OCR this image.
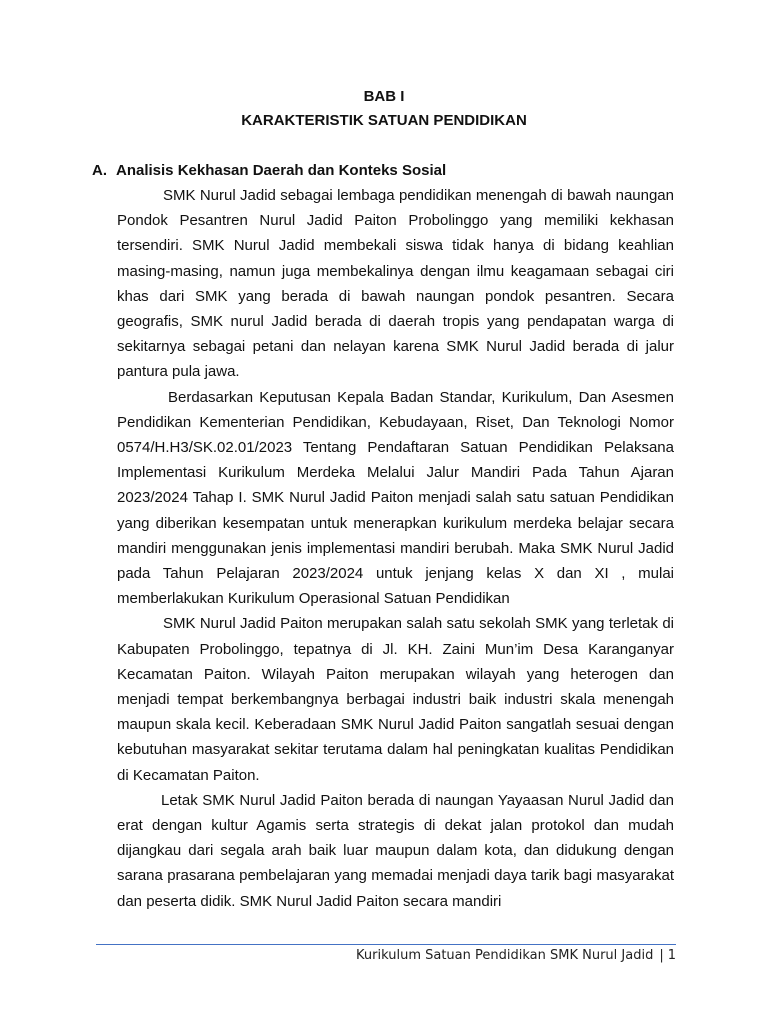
BAB I
KARAKTERISTIK SATUAN PENDIDIKAN
A. Analisis Kekhasan Daerah dan Konteks Sosial

SMK Nurul Jadid sebagai lembaga pendidikan menengah di bawah naungan Pondok Pesantren Nurul Jadid Paiton Probolinggo yang memiliki kekhasan tersendiri. SMK Nurul Jadid membekali siswa tidak hanya di bidang keahlian masing-masing, namun juga membekalinya dengan ilmu keagamaan sebagai ciri khas dari SMK yang berada di bawah naungan pondok pesantren. Secara geografis, SMK nurul Jadid berada di daerah tropis yang pendapatan warga di sekitarnya sebagai petani dan nelayan karena SMK Nurul Jadid berada di jalur pantura pula jawa.

Berdasarkan Keputusan Kepala Badan Standar, Kurikulum, Dan Asesmen Pendidikan Kementerian Pendidikan, Kebudayaan, Riset, Dan Teknologi Nomor 0574/H.H3/SK.02.01/2023 Tentang Pendaftaran Satuan Pendidikan Pelaksana Implementasi Kurikulum Merdeka Melalui Jalur Mandiri Pada Tahun Ajaran 2023/2024 Tahap I. SMK Nurul Jadid Paiton menjadi salah satu satuan Pendidikan yang diberikan kesempatan untuk menerapkan kurikulum merdeka belajar secara mandiri menggunakan jenis implementasi mandiri berubah. Maka SMK Nurul Jadid pada Tahun Pelajaran 2023/2024 untuk jenjang kelas X dan XI , mulai memberlakukan Kurikulum Operasional Satuan Pendidikan

SMK Nurul Jadid Paiton merupakan salah satu sekolah SMK yang terletak di Kabupaten Probolinggo, tepatnya di Jl. KH. Zaini Mun’im Desa Karanganyar Kecamatan Paiton. Wilayah Paiton merupakan wilayah yang heterogen dan menjadi tempat berkembangnya berbagai industri baik industri skala menengah maupun skala kecil. Keberadaan SMK Nurul Jadid Paiton sangatlah sesuai dengan kebutuhan masyarakat sekitar terutama dalam hal peningkatan kualitas Pendidikan di Kecamatan Paiton.

Letak SMK Nurul Jadid Paiton berada di naungan Yayaasan Nurul Jadid dan erat dengan kultur Agamis serta strategis di dekat jalan protokol dan mudah dijangkau dari segala arah baik luar maupun dalam kota, dan didukung dengan sarana prasarana pembelajaran yang memadai menjadi daya tarik bagi masyarakat dan peserta didik. SMK Nurul Jadid Paiton secara mandiri

Kurikulum Satuan Pendidikan SMK Nurul Jadid | 1
